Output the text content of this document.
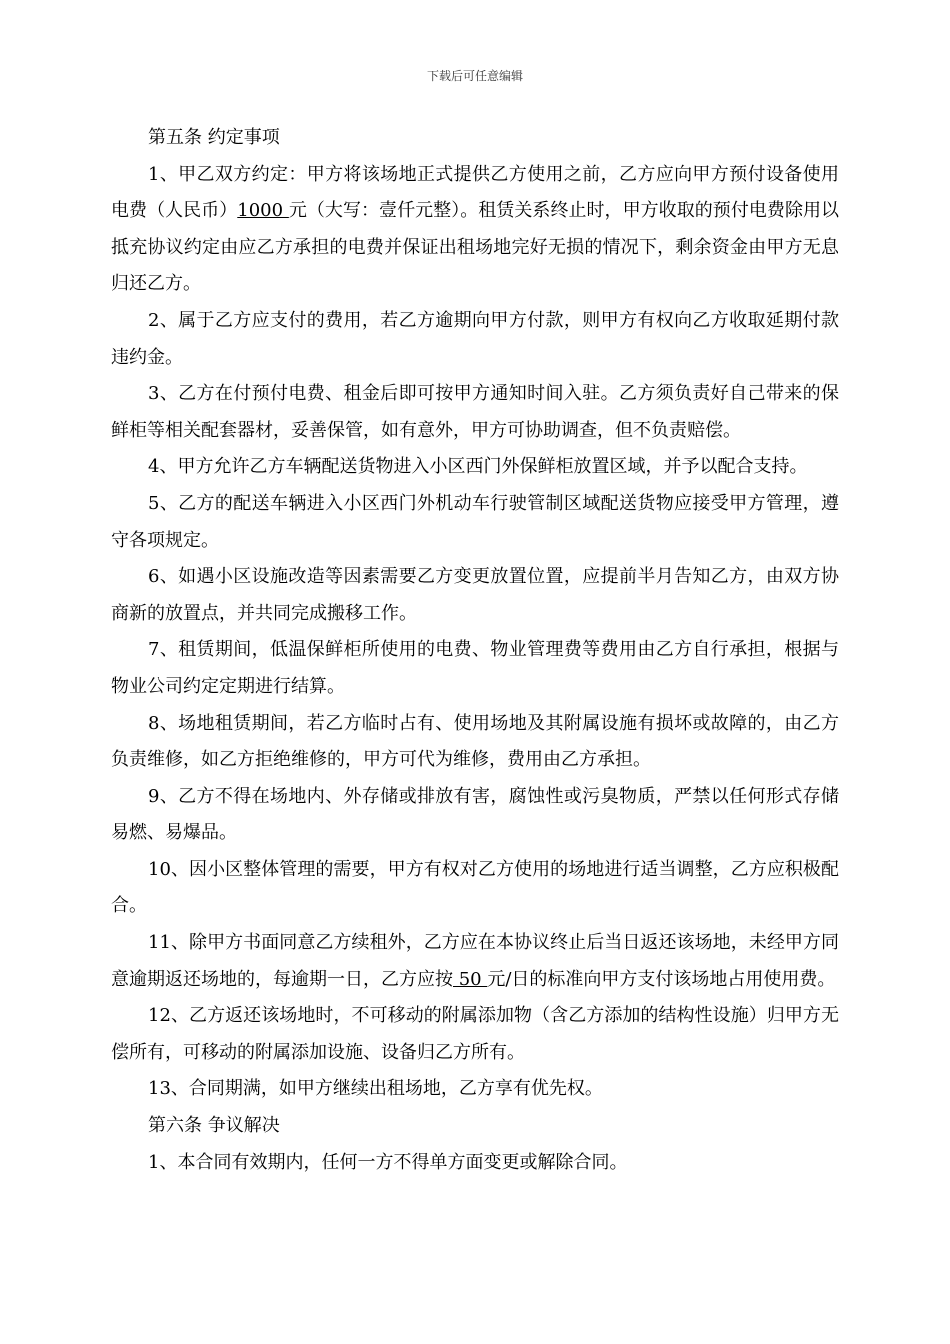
下载后可任意编辑

第五条 约定事项

1、甲乙双方约定：甲方将该场地正式提供乙方使用之前，乙方应向甲方预付设备使用电费（人民币）1000 元（大写：壹仟元整）。租赁关系终止时，甲方收取的预付电费除用以抵充协议约定由应乙方承担的电费并保证出租场地完好无损的情况下，剩余资金由甲方无息归还乙方。

2、属于乙方应支付的费用，若乙方逾期向甲方付款，则甲方有权向乙方收取延期付款违约金。

3、乙方在付预付电费、租金后即可按甲方通知时间入驻。乙方须负责好自己带来的保鲜柜等相关配套器材，妥善保管，如有意外，甲方可协助调查，但不负责赔偿。

4、甲方允许乙方车辆配送货物进入小区西门外保鲜柜放置区域，并予以配合支持。

5、乙方的配送车辆进入小区西门外机动车行驶管制区域配送货物应接受甲方管理，遵守各项规定。

6、如遇小区设施改造等因素需要乙方变更放置位置，应提前半月告知乙方，由双方协商新的放置点，并共同完成搬移工作。

7、租赁期间，低温保鲜柜所使用的电费、物业管理费等费用由乙方自行承担，根据与物业公司约定定期进行结算。

8、场地租赁期间，若乙方临时占有、使用场地及其附属设施有损坏或故障的，由乙方负责维修，如乙方拒绝维修的，甲方可代为维修，费用由乙方承担。

9、乙方不得在场地内、外存储或排放有害，腐蚀性或污臭物质，严禁以任何形式存储易燃、易爆品。

10、因小区整体管理的需要，甲方有权对乙方使用的场地进行适当调整，乙方应积极配合。

11、除甲方书面同意乙方续租外，乙方应在本协议终止后当日返还该场地，未经甲方同意逾期返还场地的，每逾期一日，乙方应按 50 元/日的标准向甲方支付该场地占用使用费。

12、乙方返还该场地时，不可移动的附属添加物（含乙方添加的结构性设施）归甲方无偿所有，可移动的附属添加设施、设备归乙方所有。

13、合同期满，如甲方继续出租场地，乙方享有优先权。

第六条 争议解决

1、本合同有效期内，任何一方不得单方面变更或解除合同。
